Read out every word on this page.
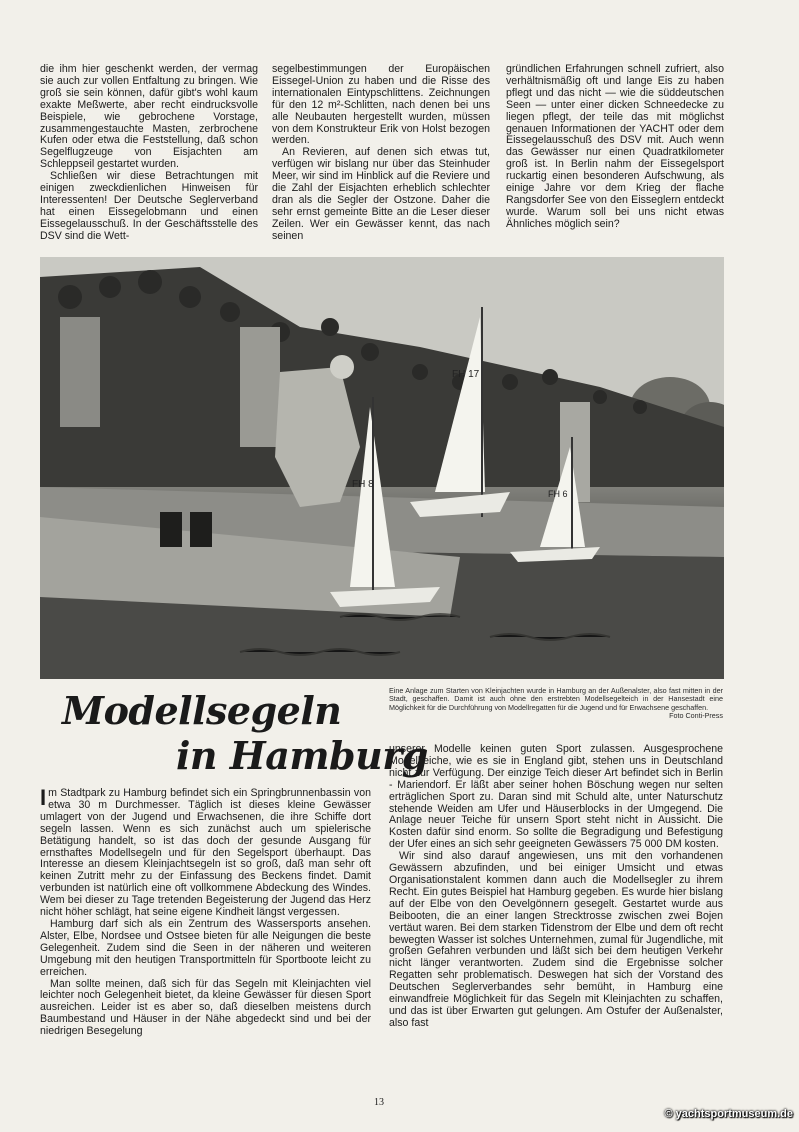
die ihm hier geschenkt werden, der vermag sie auch zur vollen Entfaltung zu bringen. Wie groß sie sein können, dafür gibt's wohl kaum exakte Meßwerte, aber recht eindrucksvolle Beispiele, wie gebrochene Vorstage, zusammengestauchte Masten, zerbrochene Kufen oder etwa die Feststellung, daß schon Segelflugzeuge von Eisjachten am Schleppseil gestartet wurden.

Schließen wir diese Betrachtungen mit einigen zweckdienlichen Hinweisen für Interessenten! Der Deutsche Seglerverband hat einen Eissegelobmann und einen Eissegelausschuß. In der Geschäftsstelle des DSV sind die Wett-

segelbestimmungen der Europäischen Eissegel-Union zu haben und die Risse des internationalen Eintypschlittens. Zeichnungen für den 12 m²-Schlitten, nach denen bei uns alle Neubauten hergestellt wurden, müssen von dem Konstrukteur Erik von Holst bezogen werden.

An Revieren, auf denen sich etwas tut, verfügen wir bislang nur über das Steinhuder Meer, wir sind im Hinblick auf die Reviere und die Zahl der Eisjachten erheblich schlechter dran als die Segler der Ostzone. Daher die sehr ernst gemeinte Bitte an die Leser dieser Zeilen. Wer ein Gewässer kennt, das nach seinen

gründlichen Erfahrungen schnell zufriert, also verhältnismäßig oft und lange Eis zu haben pflegt und das nicht — wie die süddeutschen Seen — unter einer dicken Schneedecke zu liegen pflegt, der teile das mit möglichst genauen Informationen der YACHT oder dem Eissegelausschuß des DSV mit. Auch wenn das Gewässer nur einen Quadratkilometer groß ist. In Berlin nahm der Eissegelsport ruckartig einen besonderen Aufschwung, als einige Jahre vor dem Krieg der flache Rangsdorfer See von den Eisseglern entdeckt wurde. Warum soll bei uns nicht etwas Ähnliches möglich sein?

FH 8
FH 17
FH 6
Eine Anlage zum Starten von Kleinjachten wurde in Hamburg an der Außenalster, also fast mitten in der Stadt, geschaffen. Damit ist auch ohne den erstrebten Modellsegelteich in der Hansestadt eine Möglichkeit für die Durchführung von Modellregatten für die Jugend und für Erwachsene geschaffen.
Foto Conti-Press
Modellsegeln
in Hamburg

Im Stadtpark zu Hamburg befindet sich ein Springbrunnenbassin von etwa 30 m Durchmesser. Täglich ist dieses kleine Gewässer umlagert von der Jugend und Erwachsenen, die ihre Schiffe dort segeln lassen. Wenn es sich zunächst auch um spielerische Betätigung handelt, so ist das doch der gesunde Ausgang für ernsthaftes Modellsegeln und für den Segelsport überhaupt. Das Interesse an diesem Kleinjachtsegeln ist so groß, daß man sehr oft keinen Zutritt mehr zu der Einfassung des Beckens findet. Damit verbunden ist natürlich eine oft vollkommene Abdeckung des Windes. Wem bei dieser zu Tage tretenden Begeisterung der Jugend das Herz nicht höher schlägt, hat seine eigene Kindheit längst vergessen.

Hamburg darf sich als ein Zentrum des Wassersports ansehen. Alster, Elbe, Nordsee und Ostsee bieten für alle Neigungen die beste Gelegenheit. Zudem sind die Seen in der näheren und weiteren Umgebung mit den heutigen Transportmitteln für Sportboote leicht zu erreichen.

Man sollte meinen, daß sich für das Segeln mit Kleinjachten viel leichter noch Gelegenheit bietet, da kleine Gewässer für diesen Sport ausreichen. Leider ist es aber so, daß dieselben meistens durch Baumbestand und Häuser in der Nähe abgedeckt sind und bei der niedrigen Besegelung

unserer Modelle keinen guten Sport zulassen. Ausgesprochene Modellteiche, wie es sie in England gibt, stehen uns in Deutschland nicht zur Verfügung. Der einzige Teich dieser Art befindet sich in Berlin - Mariendorf. Er läßt aber seiner hohen Böschung wegen nur selten erträglichen Sport zu. Daran sind mit Schuld alte, unter Naturschutz stehende Weiden am Ufer und Häuserblocks in der Umgegend. Die Anlage neuer Teiche für unsern Sport steht nicht in Aussicht. Die Kosten dafür sind enorm. So sollte die Begradigung und Befestigung der Ufer eines an sich sehr geeigneten Gewässers 75 000 DM kosten.

Wir sind also darauf angewiesen, uns mit den vorhandenen Gewässern abzufinden, und bei einiger Umsicht und etwas Organisationstalent kommen dann auch die Modellsegler zu ihrem Recht. Ein gutes Beispiel hat Hamburg gegeben. Es wurde hier bislang auf der Elbe von den Oevelgönnern gesegelt. Gestartet wurde aus Beibooten, die an einer langen Strecktrosse zwischen zwei Bojen vertäut waren. Bei dem starken Tidenstrom der Elbe und dem oft recht bewegten Wasser ist solches Unternehmen, zumal für Jugendliche, mit großen Gefahren verbunden und läßt sich bei dem heutigen Verkehr nicht länger verantworten. Zudem sind die Ergebnisse solcher Regatten sehr problematisch. Deswegen hat sich der Vorstand des Deutschen Seglerverbandes sehr bemüht, in Hamburg eine einwandfreie Möglichkeit für das Segeln mit Kleinjachten zu schaffen, und das ist über Erwarten gut gelungen. Am Ostufer der Außenalster, also fast

13
© yachtsportmuseum.de
